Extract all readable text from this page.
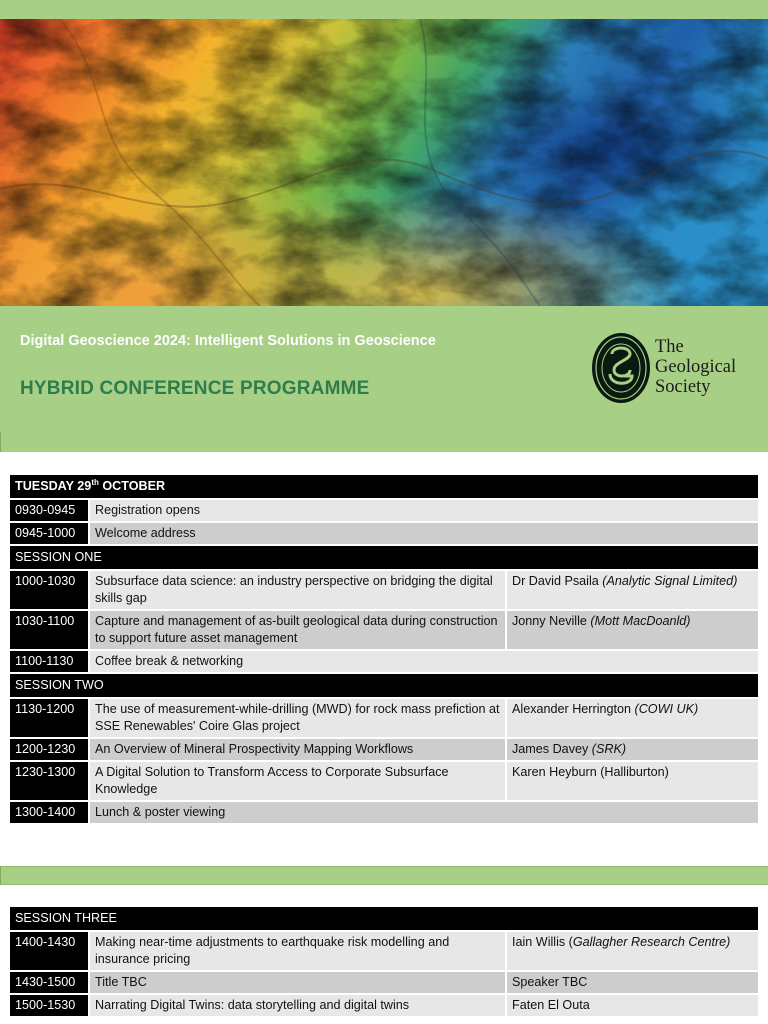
Digital Geoscience 2024: Intelligent Solutions in Geoscience
HYBRID CONFERENCE PROGRAMME
The
Geological
Society
TUESDAY 29th OCTOBER		
0930-0945	Registration opens	
0945-1000	Welcome address	
SESSION ONE		
1000-1030	Subsurface data science: an industry perspective on bridging the digital skills gap	Dr David Psaila (Analytic Signal Limited)
1030-1100	Capture and management of as-built geological data during construction to support future asset management	Jonny Neville (Mott MacDoanld)
1100-1130	Coffee break & networking	
SESSION TWO		
1130-1200	The use of measurement-while-drilling (MWD) for rock mass prefiction at SSE Renewables' Coire Glas project	Alexander Herrington (COWI UK)
1200-1230	An Overview of Mineral Prospectivity Mapping Workflows	James Davey (SRK)
1230-1300	A Digital Solution to Transform Access to Corporate Subsurface Knowledge	Karen Heyburn (Halliburton)
1300-1400	Lunch & poster viewing	
SESSION THREE		
1400-1430	Making near-time adjustments to earthquake risk modelling and insurance pricing	Iain Willis (Gallagher Research Centre)
1430-1500	Title TBC	Speaker TBC
1500-1530	Narrating Digital Twins: data storytelling and digital twins	Faten El Outa
